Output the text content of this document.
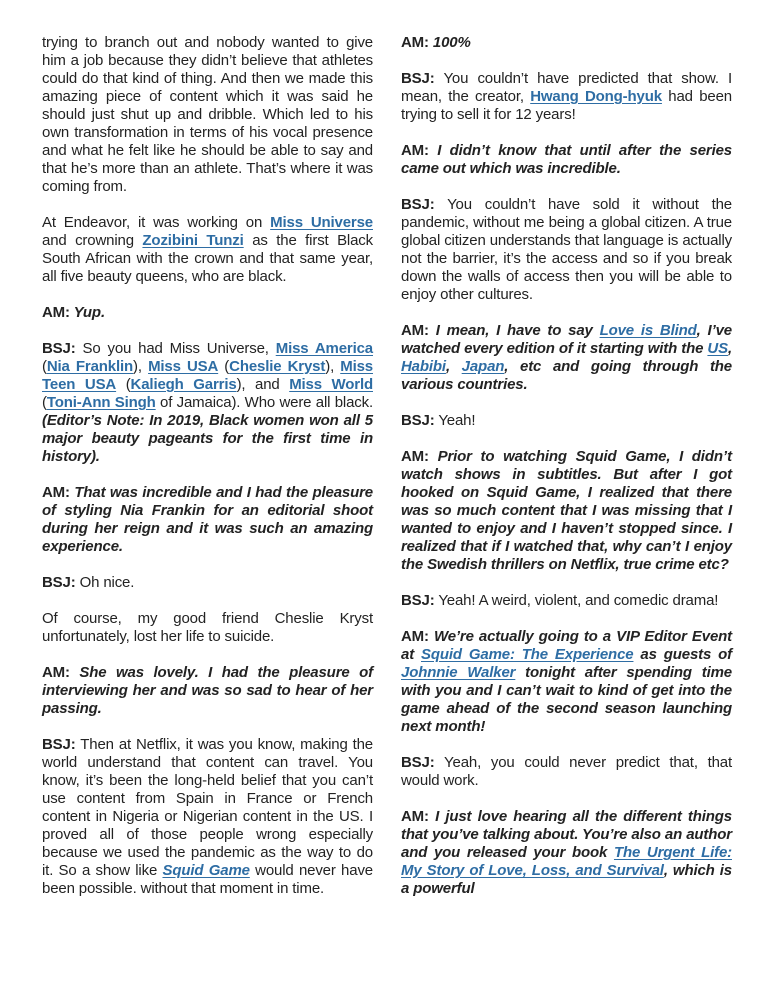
trying to branch out and nobody wanted to give him a job because they didn’t believe that athletes could do that kind of thing. And then we made this amazing piece of content which it was said he should just shut up and dribble. Which led to his own transformation in terms of his vocal presence and what he felt like he should be able to say and that he’s more than an athlete. That’s where it was coming from.

At Endeavor, it was working on Miss Universe and crowning Zozibini Tunzi as the first Black South African with the crown and that same year, all five beauty queens, who are black.

AM: Yup.

BSJ: So you had Miss Universe, Miss America (Nia Franklin), Miss USA (Cheslie Kryst), Miss Teen USA (Kaliegh Garris), and Miss World (Toni-Ann Singh of Jamaica). Who were all black. (Editor’s Note: In 2019, Black women won all 5 major beauty pageants for the first time in history).

AM: That was incredible and I had the pleasure of styling Nia Frankin for an editorial shoot during her reign and it was such an amazing experience.

BSJ: Oh nice.

Of course, my good friend Cheslie Kryst unfortunately, lost her life to suicide.

AM: She was lovely. I had the pleasure of interviewing her and was so sad to hear of her passing.

BSJ: Then at Netflix, it was you know, making the world understand that content can travel. You know, it’s been the long-held belief that you can’t use content from Spain in France or French content in Nigeria or Nigerian content in the US. I proved all of those people wrong especially because we used the pandemic as the way to do it. So a show like Squid Game would never have been possible. without that moment in time.

AM: 100%

BSJ: You couldn’t have predicted that show. I mean, the creator, Hwang Dong-hyuk had been trying to sell it for 12 years!

AM: I didn’t know that until after the series came out which was incredible.

BSJ: You couldn’t have sold it without the pandemic, without me being a global citizen. A true global citizen understands that language is actually not the barrier, it’s the access and so if you break down the walls of access then you will be able to enjoy other cultures.

AM: I mean, I have to say Love is Blind, I’ve watched every edition of it starting with the US, Habibi, Japan, etc and going through the various countries.

BSJ: Yeah!

AM: Prior to watching Squid Game, I didn’t watch shows in subtitles. But after I got hooked on Squid Game, I realized that there was so much content that I was missing that I wanted to enjoy and I haven’t stopped since. I realized that if I watched that, why can’t I enjoy the Swedish thrillers on Netflix, true crime etc?

BSJ: Yeah! A weird, violent, and comedic drama!

AM: We’re actually going to a VIP Editor Event at Squid Game: The Experience as guests of Johnnie Walker tonight after spending time with you and I can’t wait to kind of get into the game ahead of the second season launching next month!

BSJ: Yeah, you could never predict that, that would work.

AM: I just love hearing all the different things that you’ve talking about. You’re also an author and you released your book The Urgent Life: My Story of Love, Loss, and Survival, which is a powerful
